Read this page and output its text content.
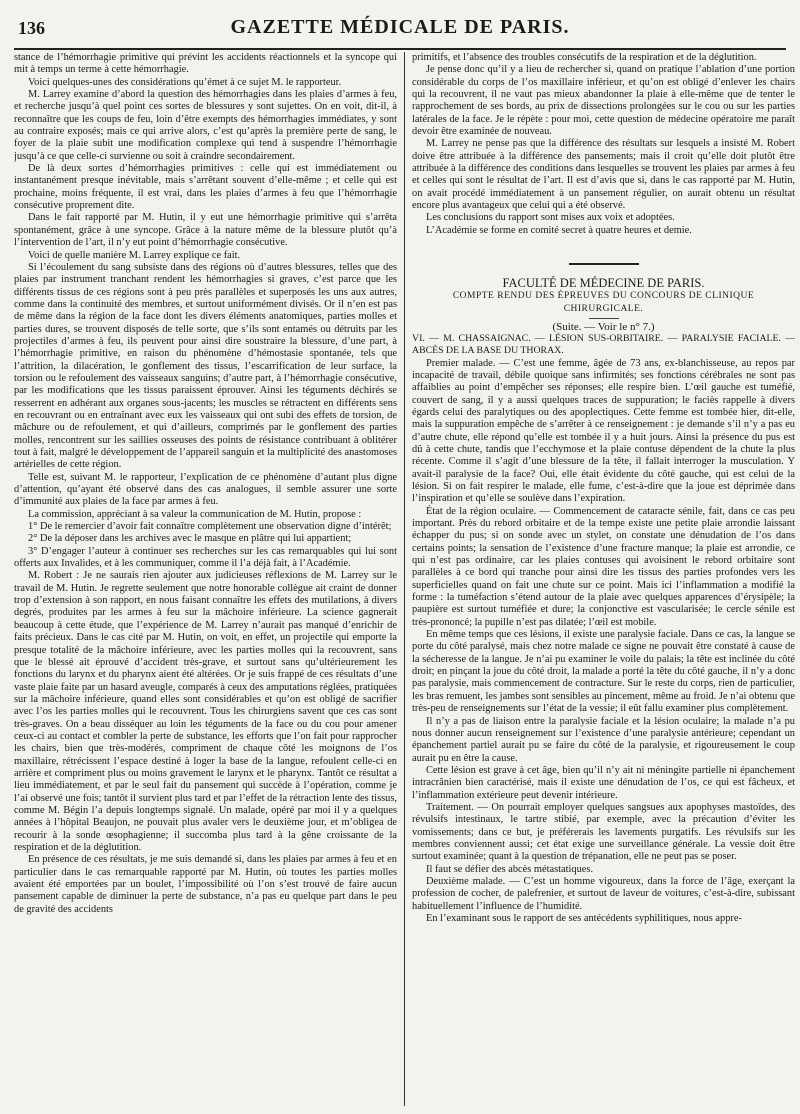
136	GAZETTE MÉDICALE DE PARIS.

stance de l’hémorrhagie primitive qui prévint les accidents réactionnels et la syncope qui mit à temps un terme à cette hémorrhagie.

Voici quelques-unes des considérations qu’émet à ce sujet M. le rapporteur.

M. Larrey examine d’abord la question des hémorrhagies dans les plaies d’armes à feu, et recherche jusqu’à quel point ces sortes de blessures y sont sujettes. On en voit, dit-il, à reconnaître que les coups de feu, loin d’être exempts des hémorrhagies immédiates, y sont au contraire exposés; mais ce qui arrive alors, c’est qu’après la première perte de sang, le foyer de la plaie subit une modification complexe qui tend à suspendre l’hémorrhagie jusqu’à ce que celle-ci survienne ou soit à craindre secondairement.

De là deux sortes d’hémorrhagies primitives : celle qui est immédiatement ou instantanément presque inévitable, mais s’arrêtant souvent d’elle-même ; et celle qui est prochaine, moins fréquente, il est vrai, dans les plaies d’armes à feu que l’hémorrhagie consécutive proprement dite.

Dans le fait rapporté par M. Hutin, il y eut une hémorrhagie primitive qui s’arrêta spontanément, grâce à une syncope. Grâce à la nature même de la blessure plutôt qu’à l’intervention de l’art, il n’y eut point d’hémorrhagie consécutive.

Voici de quelle manière M. Larrey explique ce fait.

Si l’écoulement du sang subsiste dans des régions où d’autres blessures, telles que des plaies par instrument tranchant rendent les hémorrhagies si graves, c’est parce que les différents tissus de ces régions sont à peu près parallèles et superposés les uns aux autres, comme dans la continuité des membres, et surtout uniformément divisés. Or il n’en est pas de même dans la région de la face dont les divers éléments anatomiques, parties molles et parties dures, se trouvent disposés de telle sorte, que s’ils sont entamés ou détruits par les projectiles d’armes à feu, ils peuvent pour ainsi dire soustraire la blessure, d’une part, à l’hémorrhagie primitive, en raison du phénomène d’hémostasie spontanée, tels que l’attrition, la dilacération, le gonflement des tissus, l’escarrification de leur surface, la torsion ou le refoulement des vaisseaux sanguins; d’autre part, à l’hémorrhagie consécutive, par les modifications que les tissus paraissent éprouver. Ainsi les téguments déchirés se resserrent en adhérant aux organes sous-jacents; les muscles se rétractent en différents sens en recouvrant ou en entraînant avec eux les vaisseaux qui ont subi des effets de torsion, de mâchure ou de refoulement, et qui d’ailleurs, comprimés par le gonflement des parties molles, rencontrent sur les saillies osseuses des points de résistance contribuant à oblitérer tout à fait, malgré le développement de l’appareil sanguin et la multiplicité des anastomoses artérielles de cette région.

Telle est, suivant M. le rapporteur, l’explication de ce phénomène d’autant plus digne d’attention, qu’ayant été observé dans des cas analogues, il semble assurer une sorte d’immunité aux plaies de la face par armes à feu.

La commission, appréciant à sa valeur la communication de M. Hutin, propose :

1° De le remercier d’avoir fait connaître complètement une observation digne d’intérêt;

2° De la déposer dans les archives avec le masque en plâtre qui lui appartient;

3° D’engager l’auteur à continuer ses recherches sur les cas remarquables qui lui sont offerts aux Invalides, et à les communiquer, comme il l’a déjà fait, à l’Académie.

M. Robert : Je ne saurais rien ajouter aux judicieuses réflexions de M. Larrey sur le travail de M. Hutin. Je regrette seulement que notre honorable collègue ait craint de donner trop d’extension à son rapport, en nous faisant connaître les effets des mutilations, à divers degrés, produites par les armes à feu sur la mâchoire inférieure. La science gagnerait beaucoup à cette étude, que l’expérience de M. Larrey n’aurait pas manqué d’enrichir de faits précieux. Dans le cas cité par M. Hutin, on voit, en effet, un projectile qui emporte la presque totalité de la mâchoire inférieure, avec les parties molles qui la recouvrent, sans que le blessé ait éprouvé d’accident très-grave, et surtout sans qu’ultérieurement les fonctions du larynx et du pharynx aient été altérées. Or je suis frappé de ces résultats d’une vaste plaie faite par un hasard aveugle, comparés à ceux des amputations réglées, pratiquées sur la mâchoire inférieure, quand elles sont considérables et qu’on est obligé de sacrifier avec l’os les parties molles qui le recouvrent. Tous les chirurgiens savent que ces cas sont très-graves. On a beau disséquer au loin les téguments de la face ou du cou pour amener ceux-ci au contact et combler la perte de substance, les efforts que l’on fait pour rapprocher les chairs, bien que très-modérés, compriment de chaque côté les moignons de l’os maxillaire, rétrécissent l’espace destiné à loger la base de la langue, refoulent celle-ci en arrière et compriment plus ou moins gravement le larynx et le pharynx. Tantôt ce résultat a lieu immédiatement, et par le seul fait du pansement qui succède à l’opération, comme je l’ai observé une fois; tantôt il survient plus tard et par l’effet de la rétraction lente des tissus, comme M. Bégin l’a depuis longtemps signalé. Un malade, opéré par moi il y a quelques années à l’hôpital Beaujon, ne pouvait plus avaler vers le deuxième jour, et m’obligea de recourir à la sonde œsophagienne; il succomba plus tard à la gêne croissante de la respiration et de la déglutition.

En présence de ces résultats, je me suis demandé si, dans les plaies par armes à feu et en particulier dans le cas remarquable rapporté par M. Hutin, où toutes les parties molles avaient été emportées par un boulet, l’impossibilité où l’on s’est trouvé de faire aucun pansement capable de diminuer la perte de substance, n’a pas eu quelque part dans le peu de gravité des accidents

primitifs, et l’absence des troubles consécutifs de la respiration et de la déglutition.

Je pense donc qu’il y a lieu de rechercher si, quand on pratique l’ablation d’une portion considérable du corps de l’os maxillaire inférieur, et qu’on est obligé d’enlever les chairs qui la recouvrent, il ne vaut pas mieux abandonner la plaie à elle-même que de tenter le rapprochement de ses bords, au prix de dissections prolongées sur le cou ou sur les parties latérales de la face. Je le répète : pour moi, cette question de médecine opératoire me paraît devoir être examinée de nouveau.

M. Larrey ne pense pas que la différence des résultats sur lesquels a insisté M. Robert doive être attribuée à la différence des pansements; mais il croit qu’elle doit plutôt être attribuée à la différence des conditions dans lesquelles se trouvent les plaies par armes à feu et celles qui sont le résultat de l’art. Il est d’avis que si, dans le cas rapporté par M. Hutin, on avait procédé immédiatement à un pansement régulier, on aurait obtenu un résultat encore plus avantageux que celui qui a été observé.

Les conclusions du rapport sont mises aux voix et adoptées.

L’Académie se forme en comité secret à quatre heures et demie.

FACULTÉ DE MÉDECINE DE PARIS.

COMPTE RENDU DES ÉPREUVES DU CONCOURS DE CLINIQUE CHIRURGICALE.

(Suite. — Voir le n° 7.)

VI. — M. CHASSAIGNAC. — LÉSION SUS-ORBITAIRE. — PARALYSIE FACIALE. — ABCÈS DE LA BASE DU THORAX.

Premier malade. — C’est une femme, âgée de 73 ans, ex-blanchisseuse, au repos par incapacité de travail, débile quoique sans infirmités; ses fonctions cérébrales ne sont pas affaiblies au point d’empêcher ses réponses; elle respire bien. L’œil gauche est tuméfié, couvert de sang, il y a aussi quelques traces de suppuration; le faciès rappelle à divers égards celui des paralytiques ou des apoplectiques. Cette femme est tombée hier, dit-elle, mais la suppuration empêche de s’arrêter à ce renseignement : je demande s’il n’y a pas eu d’autre chute, elle répond qu’elle est tombée il y a huit jours. Ainsi la présence du pus est dû à cette chute, tandis que l’ecchymose et la plaie contuse dépendent de la chute la plus récente. Comme il s’agit d’une blessure de la tête, il fallait interroger la musculation. Y avait-il paralysie de la face? Oui, elle était évidente du côté gauche, qui est celui de la lésion. Si on fait respirer le malade, elle fume, c’est-à-dire que la joue est déprimée dans l’inspiration et qu’elle se soulève dans l’expiration.

État de la région oculaire. — Commencement de cataracte sénile, fait, dans ce cas peu important. Près du rebord orbitaire et de la tempe existe une petite plaie arrondie laissant échapper du pus; si on sonde avec un stylet, on constate une dénudation de l’os dans certains points; la sensation de l’existence d’une fracture manque; la plaie est arrondie, ce qui n’est pas ordinaire, car les plaies contuses qui avoisinent le rebord orbitaire sont parallèles à ce bord qui tranche pour ainsi dire les tissus des parties profondes vers les superficielles quand on fait une chute sur ce point. Mais ici l’inflammation a modifié la forme : la tuméfaction s’étend autour de la plaie avec quelques apparences d’érysipèle; la paupière est surtout tuméfiée et dure; la conjonctive est vascularisée; le cercle sénile est très-prononcé; la pupille n’est pas dilatée; l’œil est mobile.

En même temps que ces lésions, il existe une paralysie faciale. Dans ce cas, la langue se porte du côté paralysé, mais chez notre malade ce signe ne pouvait être constaté à cause de la sécheresse de la langue. Je n’ai pu examiner le voile du palais; la tête est inclinée du côté droit; en pinçant la joue du côté droit, la malade a porté la tête du côté gauche, il n’y a donc pas paralysie, mais commencement de contracture. Sur le reste du corps, rien de particulier, les bras remuent, les jambes sont sensibles au pincement, même au froid. Je n’ai obtenu que très-peu de renseignements sur l’état de la vessie; il eût fallu examiner plus complètement.

Il n’y a pas de liaison entre la paralysie faciale et la lésion oculaire; la malade n’a pu nous donner aucun renseignement sur l’existence d’une paralysie antérieure; cependant un épanchement partiel aurait pu se faire du côté de la paralysie, et rigoureusement le coup aurait pu en être la cause.

Cette lésion est grave à cet âge, bien qu’il n’y ait ni méningite partielle ni épanchement intracrânien bien caractérisé, mais il existe une dénudation de l’os, ce qui est fâcheux, et l’inflammation extérieure peut devenir intérieure.

Traitement. — On pourrait employer quelques sangsues aux apophyses mastoïdes, des révulsifs intestinaux, le tartre stibié, par exemple, avec la précaution d’éviter les vomissements; dans ce but, je préférerais les lavements purgatifs. Les révulsifs sur les membres conviennent aussi; cet état exige une surveillance générale. La vessie doit être surtout examinée; quant à la question de trépanation, elle ne peut pas se poser.

Il faut se défier des abcès métastatiques.

Deuxième malade. — C’est un homme vigoureux, dans la force de l’âge, exerçant la profession de cocher, de palefrenier, et surtout de laveur de voitures, c’est-à-dire, subissant habituellement l’influence de l’humidité.

En l’examinant sous le rapport de ses antécédents syphilitiques, nous appre-
